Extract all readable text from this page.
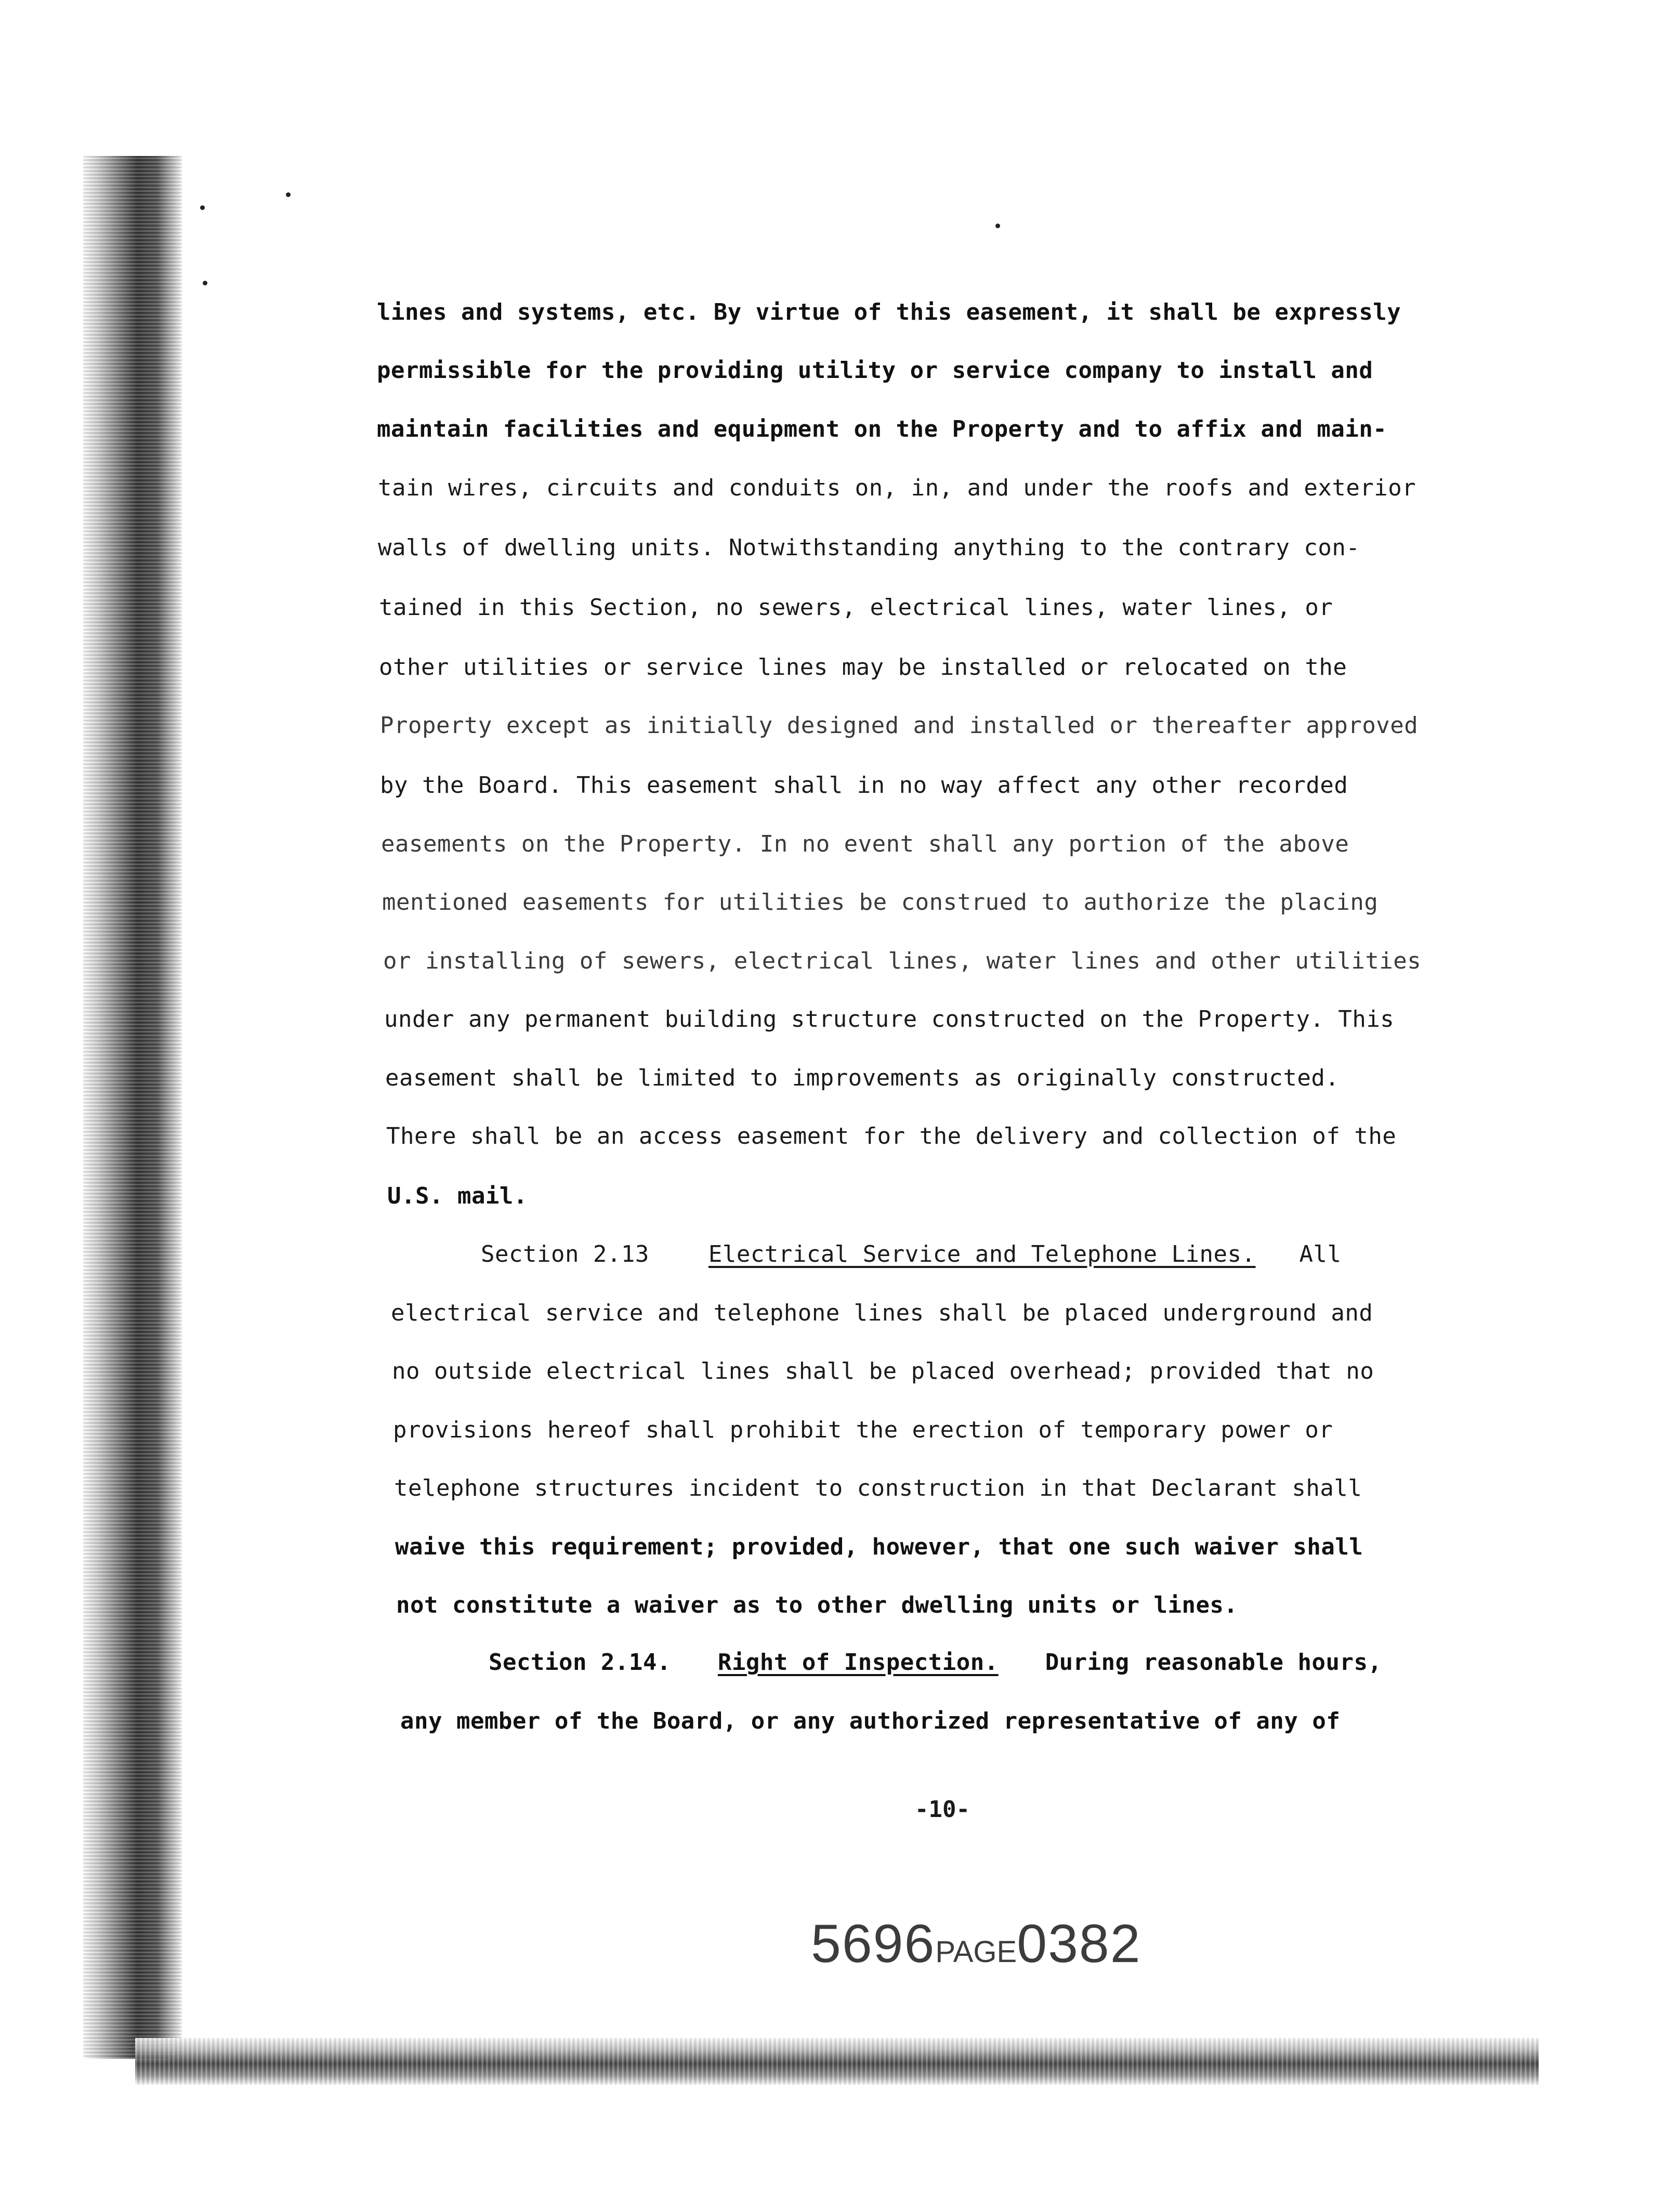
lines and systems, etc. By virtue of this easement, it shall be expressly
permissible for the providing utility or service company to install and
maintain facilities and equipment on the Property and to affix and main-
tain wires, circuits and conduits on, in, and under the roofs and exterior
walls of dwelling units. Notwithstanding anything to the contrary con-
tained in this Section, no sewers, electrical lines, water lines, or
other utilities or service lines may be installed or relocated on the
Property except as initially designed and installed or thereafter approved
by the Board. This easement shall in no way affect any other recorded
easements on the Property. In no event shall any portion of the above
mentioned easements for utilities be construed to authorize the placing
or installing of sewers, electrical lines, water lines and other utilities
under any permanent building structure constructed on the Property. This
easement shall be limited to improvements as originally constructed.
There shall be an access easement for the delivery and collection of the
U.S. mail.
Section 2.13	Electrical Service and Telephone Lines. All
electrical service and telephone lines shall be placed underground and
no outside electrical lines shall be placed overhead; provided that no
provisions hereof shall prohibit the erection of temporary power or
telephone structures incident to construction in that Declarant shall
waive this requirement; provided, however, that one such waiver shall
not constitute a waiver as to other dwelling units or lines.
Section 2.14. Right of Inspection. During reasonable hours,
any member of the Board, or any authorized representative of any of
-10-
5696PAGE0382
